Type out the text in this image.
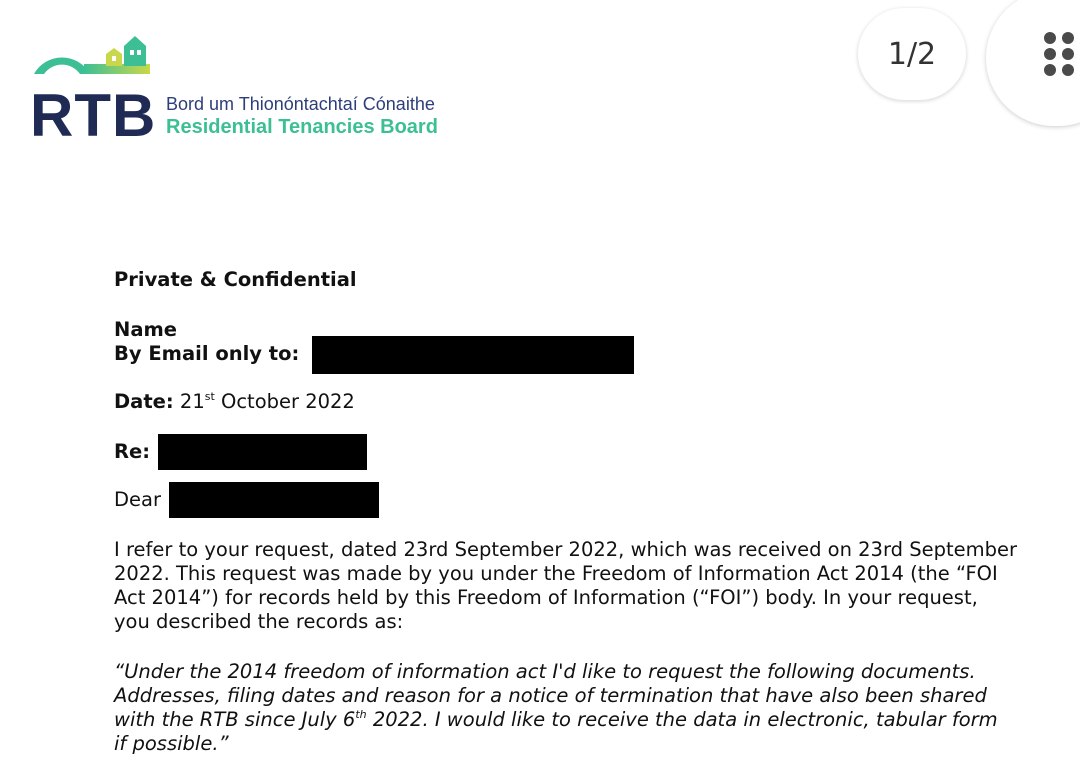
RTB Bord um Thionóntachtaí Cónaithe
Residential Tenancies Board
1/2
Private & Confidential
Name
By Email only to:
Date: 21st October 2022
Re:
Dear
I refer to your request, dated 23rd September 2022, which was received on 23rd September
2022. This request was made by you under the Freedom of Information Act 2014 (the “FOI
Act 2014”) for records held by this Freedom of Information (“FOI”) body. In your request,
you described the records as:
“Under the 2014 freedom of information act I'd like to request the following documents.
Addresses, filing dates and reason for a notice of termination that have also been shared
with the RTB since July 6th 2022. I would like to receive the data in electronic, tabular form
if possible.”
